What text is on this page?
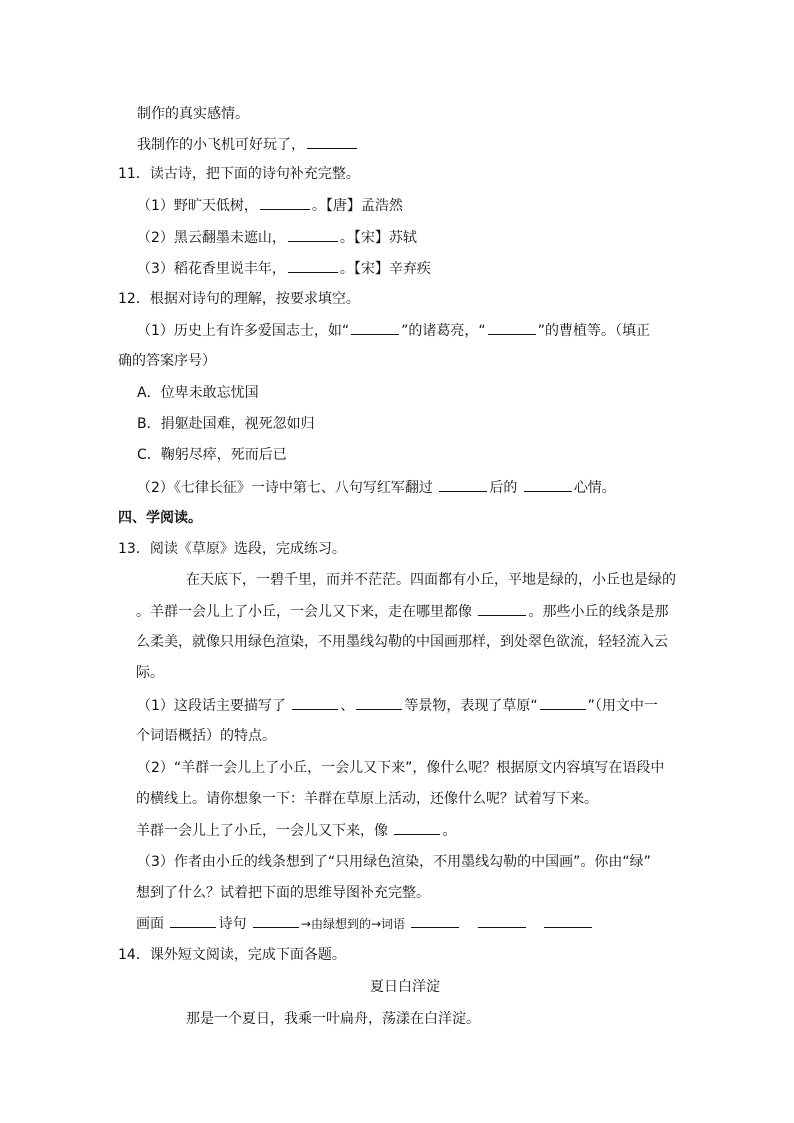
制作的真实感情。
我制作的小飞机可好玩了，
11．读古诗，把下面的诗句补充完整。
（1）野旷天低树，	。【唐】孟浩然
（2）黑云翻墨未遮山，	。【宋】苏轼
（3）稻花香里说丰年，	。【宋】辛弃疾
12．根据对诗句的理解，按要求填空。
（1）历史上有许多爱国志士，如“	”的诸葛亮，“	”的曹植等。（填正
确的答案序号）
A．位卑未敢忘忧国
B．捐躯赴国难，视死忽如归
C．鞠躬尽瘁，死而后已
（2）《七律长征》一诗中第七、八句写红军翻过	后的	心情。
四、学阅读。
13．阅读《草原》选段，完成练习。
在天底下，一碧千里，而并不茫茫。四面都有小丘，平地是绿的，小丘也是绿的
。羊群一会儿上了小丘，一会儿又下来，走在哪里都像	。那些小丘的线条是那
么柔美，就像只用绿色渲染，不用墨线勾勒的中国画那样，到处翠色欲流，轻轻流入云
际。
（1）这段话主要描写了	、	等景物，表现了草原“	”（用文中一
个词语概括）的特点。
（2）“羊群一会儿上了小丘，一会儿又下来”，像什么呢？根据原文内容填写在语段中
的横线上。请你想象一下：羊群在草原上活动，还像什么呢？试着写下来。
羊群一会儿上了小丘，一会儿又下来，像	。
（3）作者由小丘的线条想到了“只用绿色渲染，不用墨线勾勒的中国画”。你由“绿”
想到了什么？试着把下面的思维导图补充完整。
画面	诗句	→由绿想到的→词语
14．课外短文阅读，完成下面各题。
夏日白洋淀
那是一个夏日，我乘一叶扁舟，荡漾在白洋淀。
